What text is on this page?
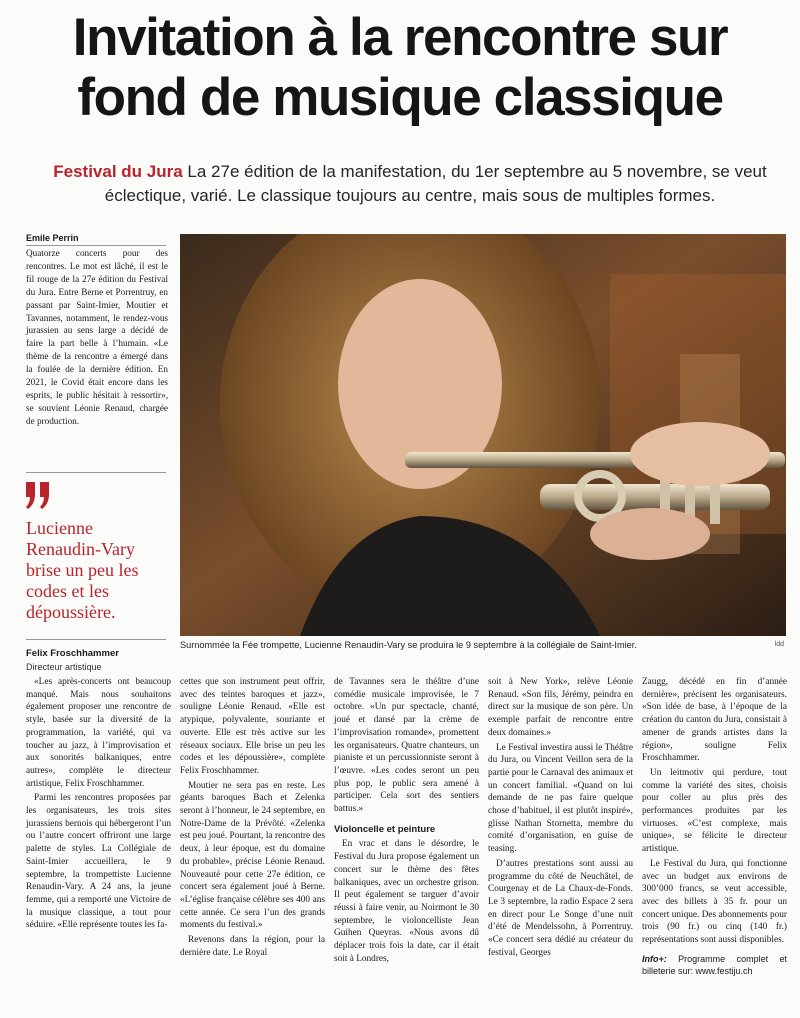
Invitation à la rencontre sur
fond de musique classique
Festival du Jura La 27e édition de la manifestation, du 1er septembre au 5 novembre, se veut éclectique, varié. Le classique toujours au centre, mais sous de multiples formes.
Emile Perrin

Quatorze concerts pour des rencontres. Le mot est lâché, il est le fil rouge de la 27e édition du Festival du Jura. Entre Berne et Porrentruy, en passant par Saint-Imier, Moutier et Tavannes, notamment, le rendez-vous jurassien au sens large a décidé de faire la part belle à l’humain. «Le thème de la rencontre a émergé dans la foulée de la dernière édition. En 2021, le Covid était encore dans les esprits, le public hésitait à ressortir», se souvient Léonie Renaud, chargée de production.

Lucienne Renaudin-Vary brise un peu les codes et les dépoussière.

Felix Froschhammer
Directeur artistique
Surnommée la Fée trompette, Lucienne Renaudin-Vary se produira le 9 septembre à la collégiale de Saint-Imier.	ldd

«Les après-concerts ont beaucoup manqué. Mais nous souhaitons également proposer une rencontre de style, basée sur la diversité de la programmation, la variété, qui va toucher au jazz, à l’improvisation et aux sonorités balkaniques, entre autres», complète le directeur artistique, Felix Froschhammer.

Parmi les rencontres proposées par les organisateurs, les trois sites jurassiens bernois qui hébergeront l’un ou l’autre concert offriront une large palette de styles. La Collégiale de Saint-Imier accueillera, le 9 septembre, la trompettiste Lucienne Renaudin-Vary. A 24 ans, la jeune femme, qui a remporté une Victoire de la musique classique, a tout pour séduire. «Elle représente toutes les fa-

cettes que son instrument peut offrir, avec des teintes baroques et jazz», souligne Léonie Renaud. «Elle est atypique, polyvalente, souriante et ouverte. Elle est très active sur les réseaux sociaux. Elle brise un peu les codes et les dépoussière», complète Felix Froschhammer.

Moutier ne sera pas en reste. Les géants baroques Bach et Zelenka seront à l’honneur, le 24 septembre, en Notre-Dame de la Prévôté. «Zelenka est peu joué. Pourtant, la rencontre des deux, à leur époque, est du domaine du probable», précise Léonie Renaud. Nouveauté pour cette 27e édition, ce concert sera également joué à Berne. «L’église française célèbre ses 400 ans cette année. Ce sera l’un des grands moments du festival.»

Revenons dans la région, pour la dernière date. Le Royal

de Tavannes sera le théâtre d’une comédie musicale improvisée, le 7 octobre. «Un pur spectacle, chanté, joué et dansé par la crème de l’improvisation romande», promettent les organisateurs. Quatre chanteurs, un pianiste et un percussionniste seront à l’œuvre. «Les codes seront un peu plus pop, le public sera amené à participer. Cela sort des sentiers battus.»

Violoncelle et peinture

En vrac et dans le désordre, le Festival du Jura propose également un concert sur le thème des fêtes balkaniques, avec un orchestre grison. Il peut également se targuer d’avoir réussi à faire venir, au Noirmont le 30 septembre, le violoncelliste Jean Guihen Queyras. «Nous avons dû déplacer trois fois la date, car il était soit à Londres,

soit à New York», relève Léonie Renaud. «Son fils, Jérémy, peindra en direct sur la musique de son père. Un exemple parfait de rencontre entre deux domaines.»

Le Festival investira aussi le Théâtre du Jura, ou Vincent Veillon sera de la partie pour le Carnaval des animaux et un concert familial. «Quand on lui demande de ne pas faire quelque chose d’habituel, il est plutôt inspiré», glisse Nathan Stornetta, membre du comité d’organisation, en guise de teasing.

D’autres prestations sont aussi au programme du côté de Neuchâtel, de Courgenay et de La Chaux-de-Fonds. Le 3 septembre, la radio Espace 2 sera en direct pour Le Songe d’une nuit d’été de Mendelssohn, à Porrentruy. «Ce concert sera dédié au créateur du festival, Georges

Zaugg, décédé en fin d’année dernière», précisent les organisateurs. «Son idée de base, à l’époque de la création du canton du Jura, consistait à amener de grands artistes dans la région», souligne Felix Froschhammer.

Un leitmotiv qui perdure, tout comme la variété des sites, choisis pour coller au plus près des performances produites par les virtuoses. «C’est complexe, mais unique», se félicite le directeur artistique.

Le Festival du Jura, qui fonctionne avec un budget aux environs de 300’000 francs, se veut accessible, avec des billets à 35 fr. pour un concert unique. Des abonnements pour trois (90 fr.) ou cinq (140 fr.) représentations sont aussi disponibles.

Info+: Programme complet et billeterie sur: www.festiju.ch
